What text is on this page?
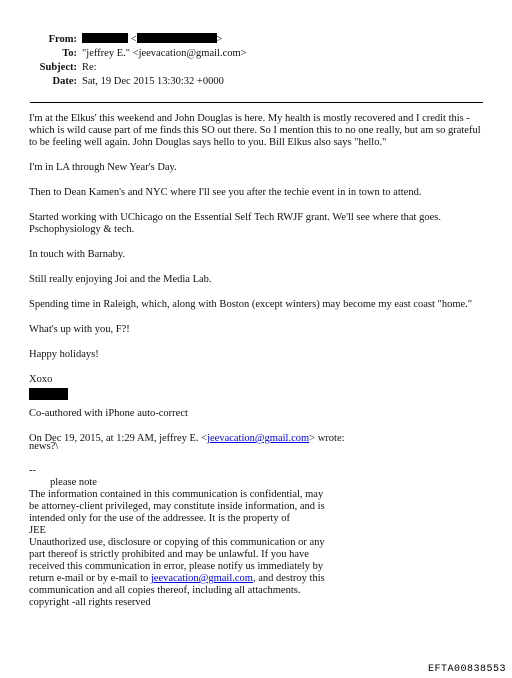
From:	<	>
To: "jeffrey E." <jeevacation@gmail.com>
Subject: Re:
Date: Sat, 19 Dec 2015 13:30:32 +0000

I'm at the Elkus' this weekend and John Douglas is here. My health is mostly recovered and I credit this - which is wild cause part of me finds this SO out there. So I mention this to no one really, but am so grateful to be feeling well again. John Douglas says hello to you. Bill Elkus also says "hello."

I'm in LA through New Year's Day.

Then to Dean Kamen's and NYC where I'll see you after the techie event in in town to attend.

Started working with UChicago on the Essential Self Tech RWJF grant. We'll see where that goes. Pschophysiology & tech.

In touch with Barnaby.

Still really enjoying Joi and the Media Lab.

Spending time in Raleigh, which, along with Boston (except winters) may become my east coast "home."

What's up with you, F?!

Happy holidays!

Xoxo

Co-authored with iPhone auto-correct

On Dec 19, 2015, at 1:29 AM, jeffrey E. <jeevacation@gmail.com> wrote:

news?\
--
please note
The information contained in this communication is confidential, may be attorney-client privileged, may constitute inside information, and is intended only for the use of the addressee. It is the property of
JEE
Unauthorized use, disclosure or copying of this communication or any part thereof is strictly prohibited and may be unlawful. If you have received this communication in error, please notify us immediately by return e-mail or by e-mail to jeevacation@gmail.com, and destroy this communication and all copies thereof, including all attachments. copyright -all rights reserved
EFTA00838553
